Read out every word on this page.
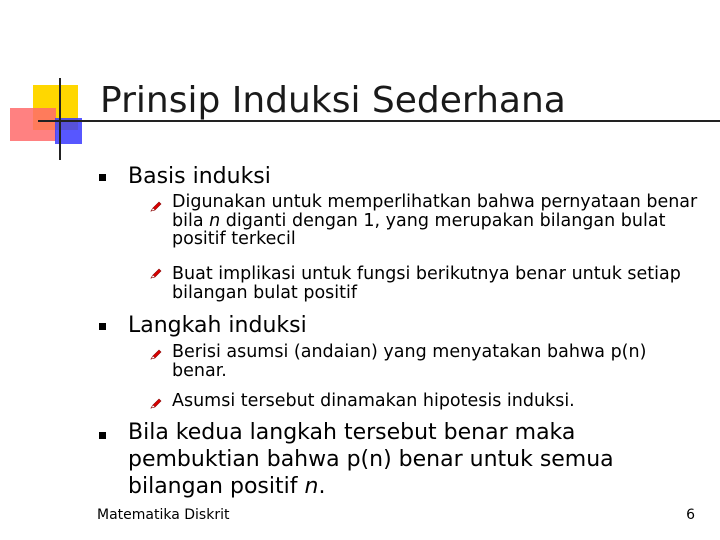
Prinsip Induksi Sederhana
Basis induksi
Digunakan untuk memperlihatkan bahwa pernyataan benar bila n diganti dengan 1, yang merupakan bilangan bulat positif terkecil
Buat implikasi untuk fungsi berikutnya benar untuk setiap bilangan bulat positif
Langkah induksi
Berisi asumsi (andaian) yang menyatakan bahwa p(n) benar.
Asumsi tersebut dinamakan hipotesis induksi.
Bila kedua langkah tersebut benar maka pembuktian bahwa p(n) benar untuk semua bilangan positif n.
Matematika Diskrit	6
